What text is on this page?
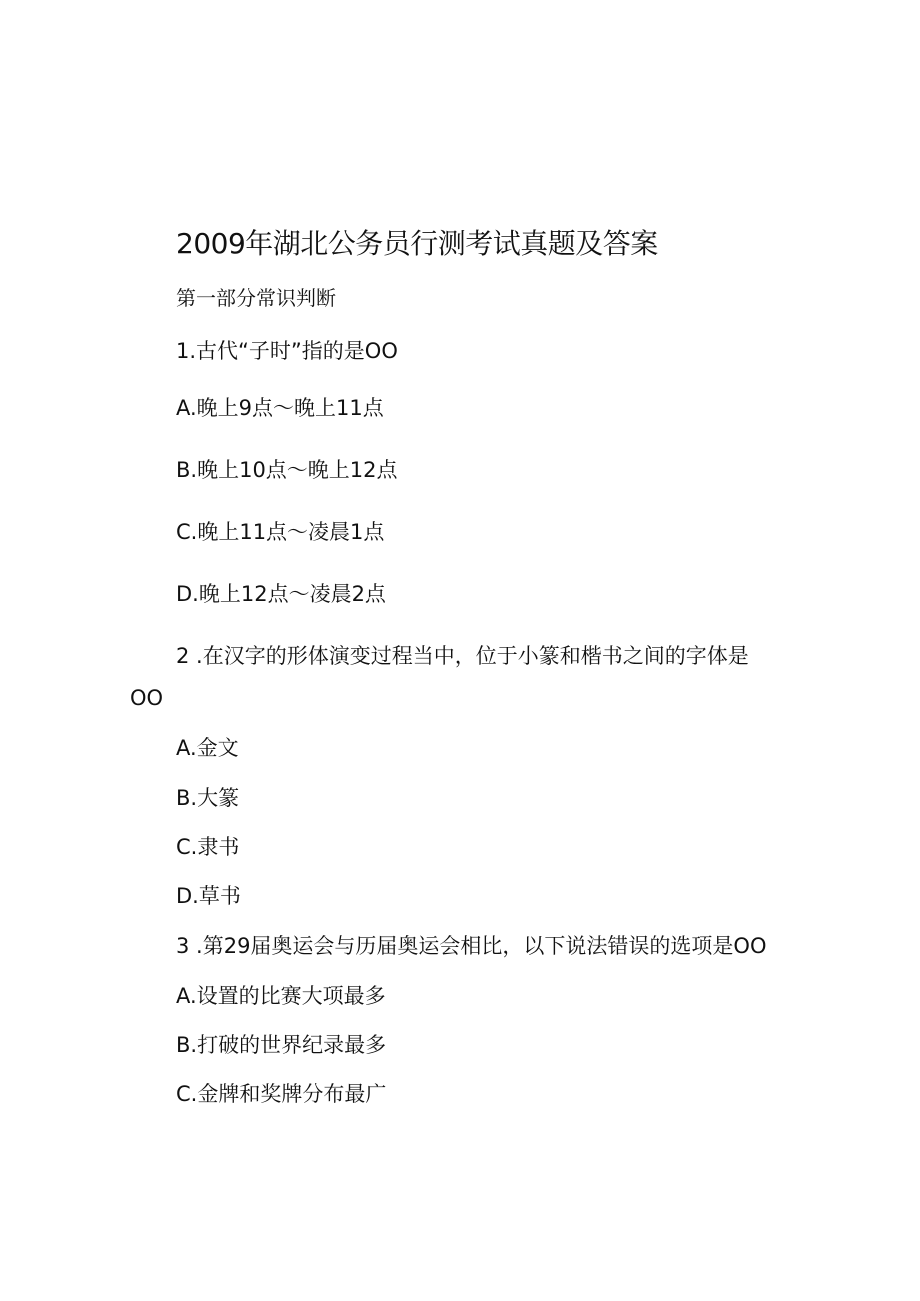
2009年湖北公务员行测考试真题及答案
第一部分常识判断
1.古代“子时”指的是OO
A.晚上9点〜晚上11点
B.晚上10点〜晚上12点
C.晚上11点〜凌晨1点
D.晚上12点〜凌晨2点
2 .在汉字的形体演变过程当中，位于小篆和楷书之间的字体是
OO
A.金文
B.大篆
C.隶书
D.草书
3 .第29届奥运会与历届奥运会相比，以下说法错误的选项是OO
A.设置的比赛大项最多
B.打破的世界纪录最多
C.金牌和奖牌分布最广
